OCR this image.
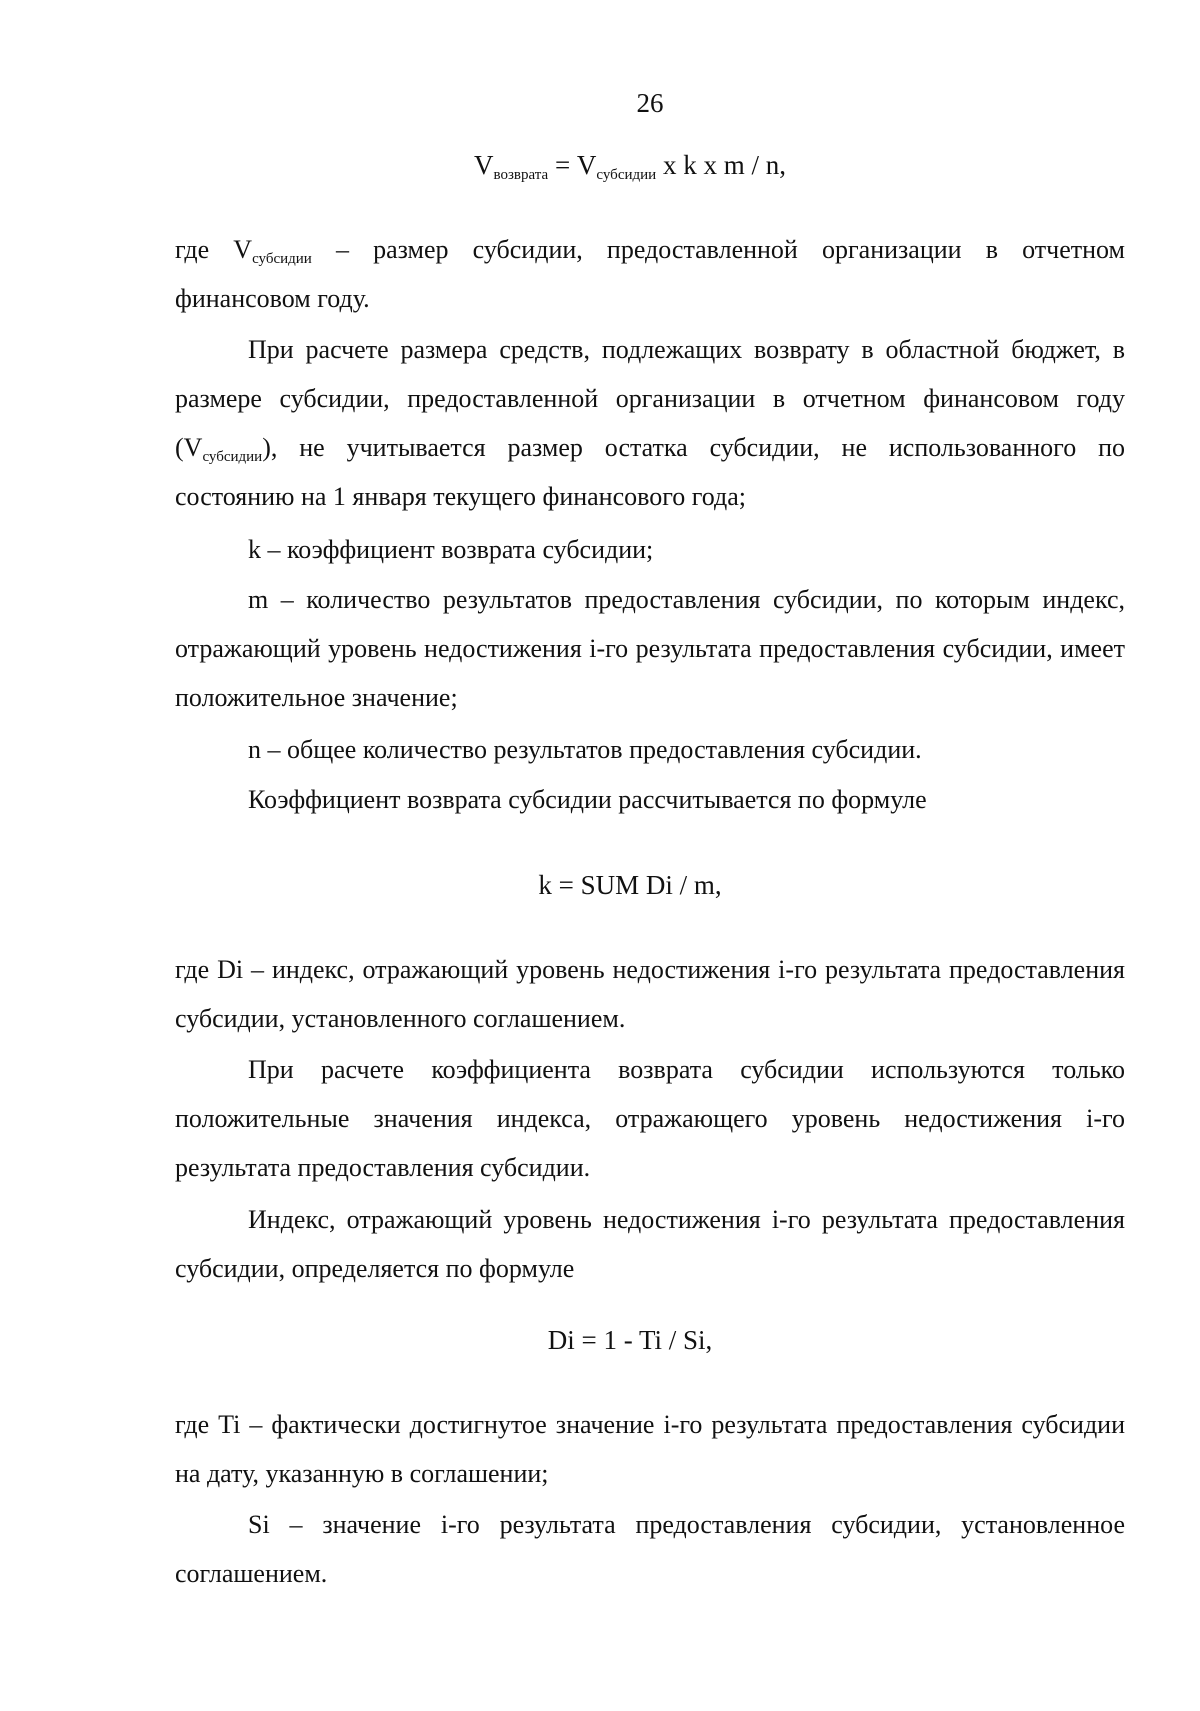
26
$V_{возврата} = V_{субсидии}$ x k x m / n,
где $V_{субсидии}$ – размер субсидии, предоставленной организации в отчетном финансовом году.
При расчете размера средств, подлежащих возврату в областной бюджет, в размере субсидии, предоставленной организации в отчетном финансовом году $(V_{субсидии})$, не учитывается размер остатка субсидии, не использованного по состоянию на 1 января текущего финансового года;
k – коэффициент возврата субсидии;
m – количество результатов предоставления субсидии, по которым индекс, отражающий уровень недостижения i-го результата предоставления субсидии, имеет положительное значение;
n – общее количество результатов предоставления субсидии.
Коэффициент возврата субсидии рассчитывается по формуле
k = SUM Di / m,
где Di – индекс, отражающий уровень недостижения i-го результата предоставления субсидии, установленного соглашением.
При расчете коэффициента возврата субсидии используются только положительные значения индекса, отражающего уровень недостижения i-го результата предоставления субсидии.
Индекс, отражающий уровень недостижения i-го результата предоставления субсидии, определяется по формуле
Di = 1 - Ti / Si,
где Ti – фактически достигнутое значение i-го результата предоставления субсидии на дату, указанную в соглашении;
Si – значение i-го результата предоставления субсидии, установленное соглашением.
